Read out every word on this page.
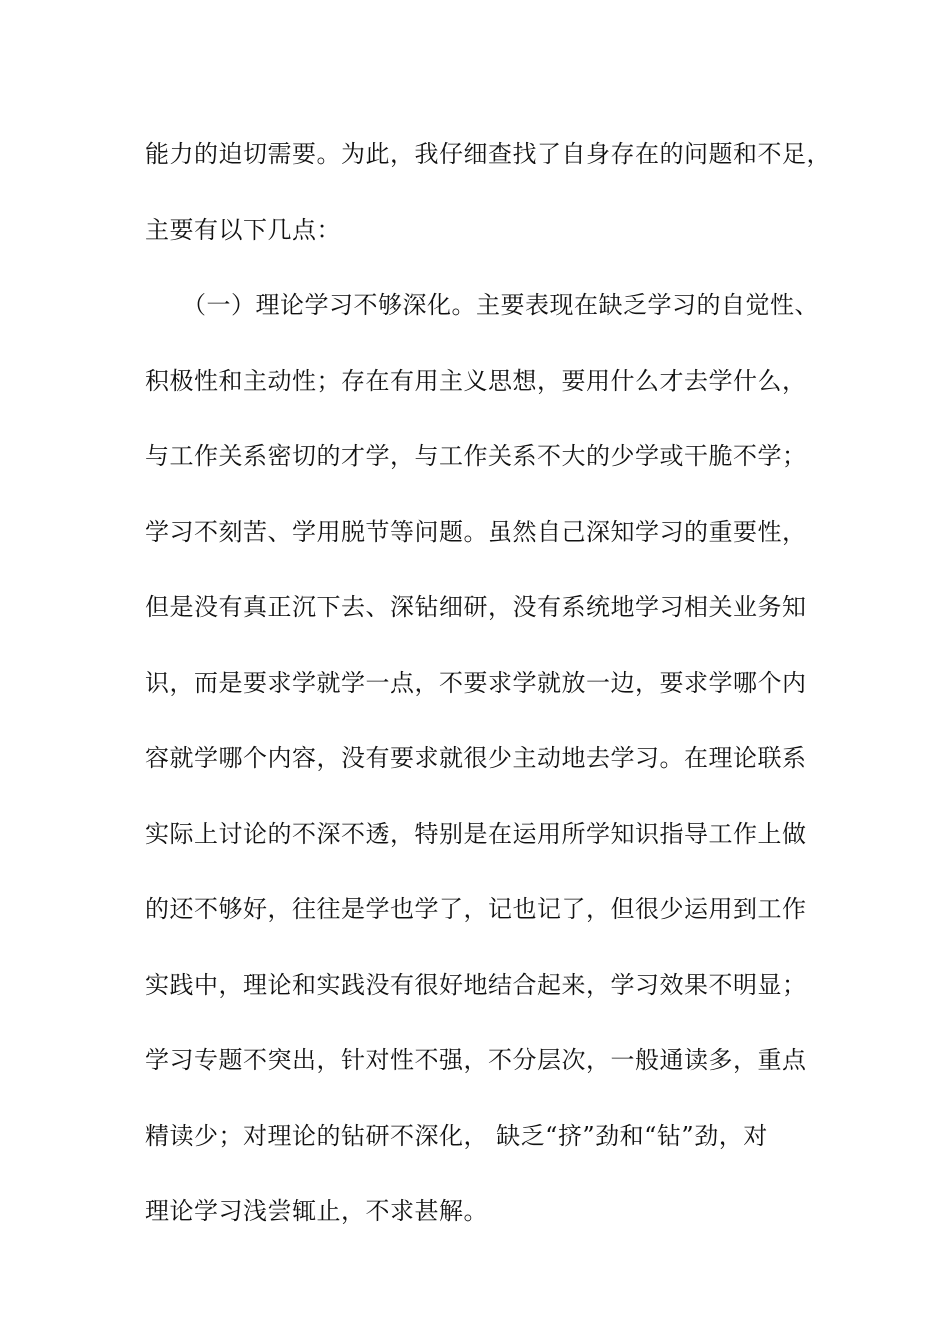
能力的迫切需要。为此，我仔细查找了自身存在的问题和不足，
主要有以下几点：
　　（一）理论学习不够深化。主要表现在缺乏学习的自觉性、
积极性和主动性；存在有用主义思想，要用什么才去学什么，
与工作关系密切的才学，与工作关系不大的少学或干脆不学；
学习不刻苦、学用脱节等问题。虽然自己深知学习的重要性，
但是没有真正沉下去、深钻细研，没有系统地学习相关业务知
识，而是要求学就学一点，不要求学就放一边，要求学哪个内
容就学哪个内容，没有要求就很少主动地去学习。在理论联系
实际上讨论的不深不透，特别是在运用所学知识指导工作上做
的还不够好，往往是学也学了，记也记了，但很少运用到工作
实践中，理论和实践没有很好地结合起来，学习效果不明显；
学习专题不突出，针对性不强，不分层次，一般通读多，重点
精读少；对理论的钻研不深化， 缺乏“挤”劲和“钻”劲，对
理论学习浅尝辄止，不求甚解。
